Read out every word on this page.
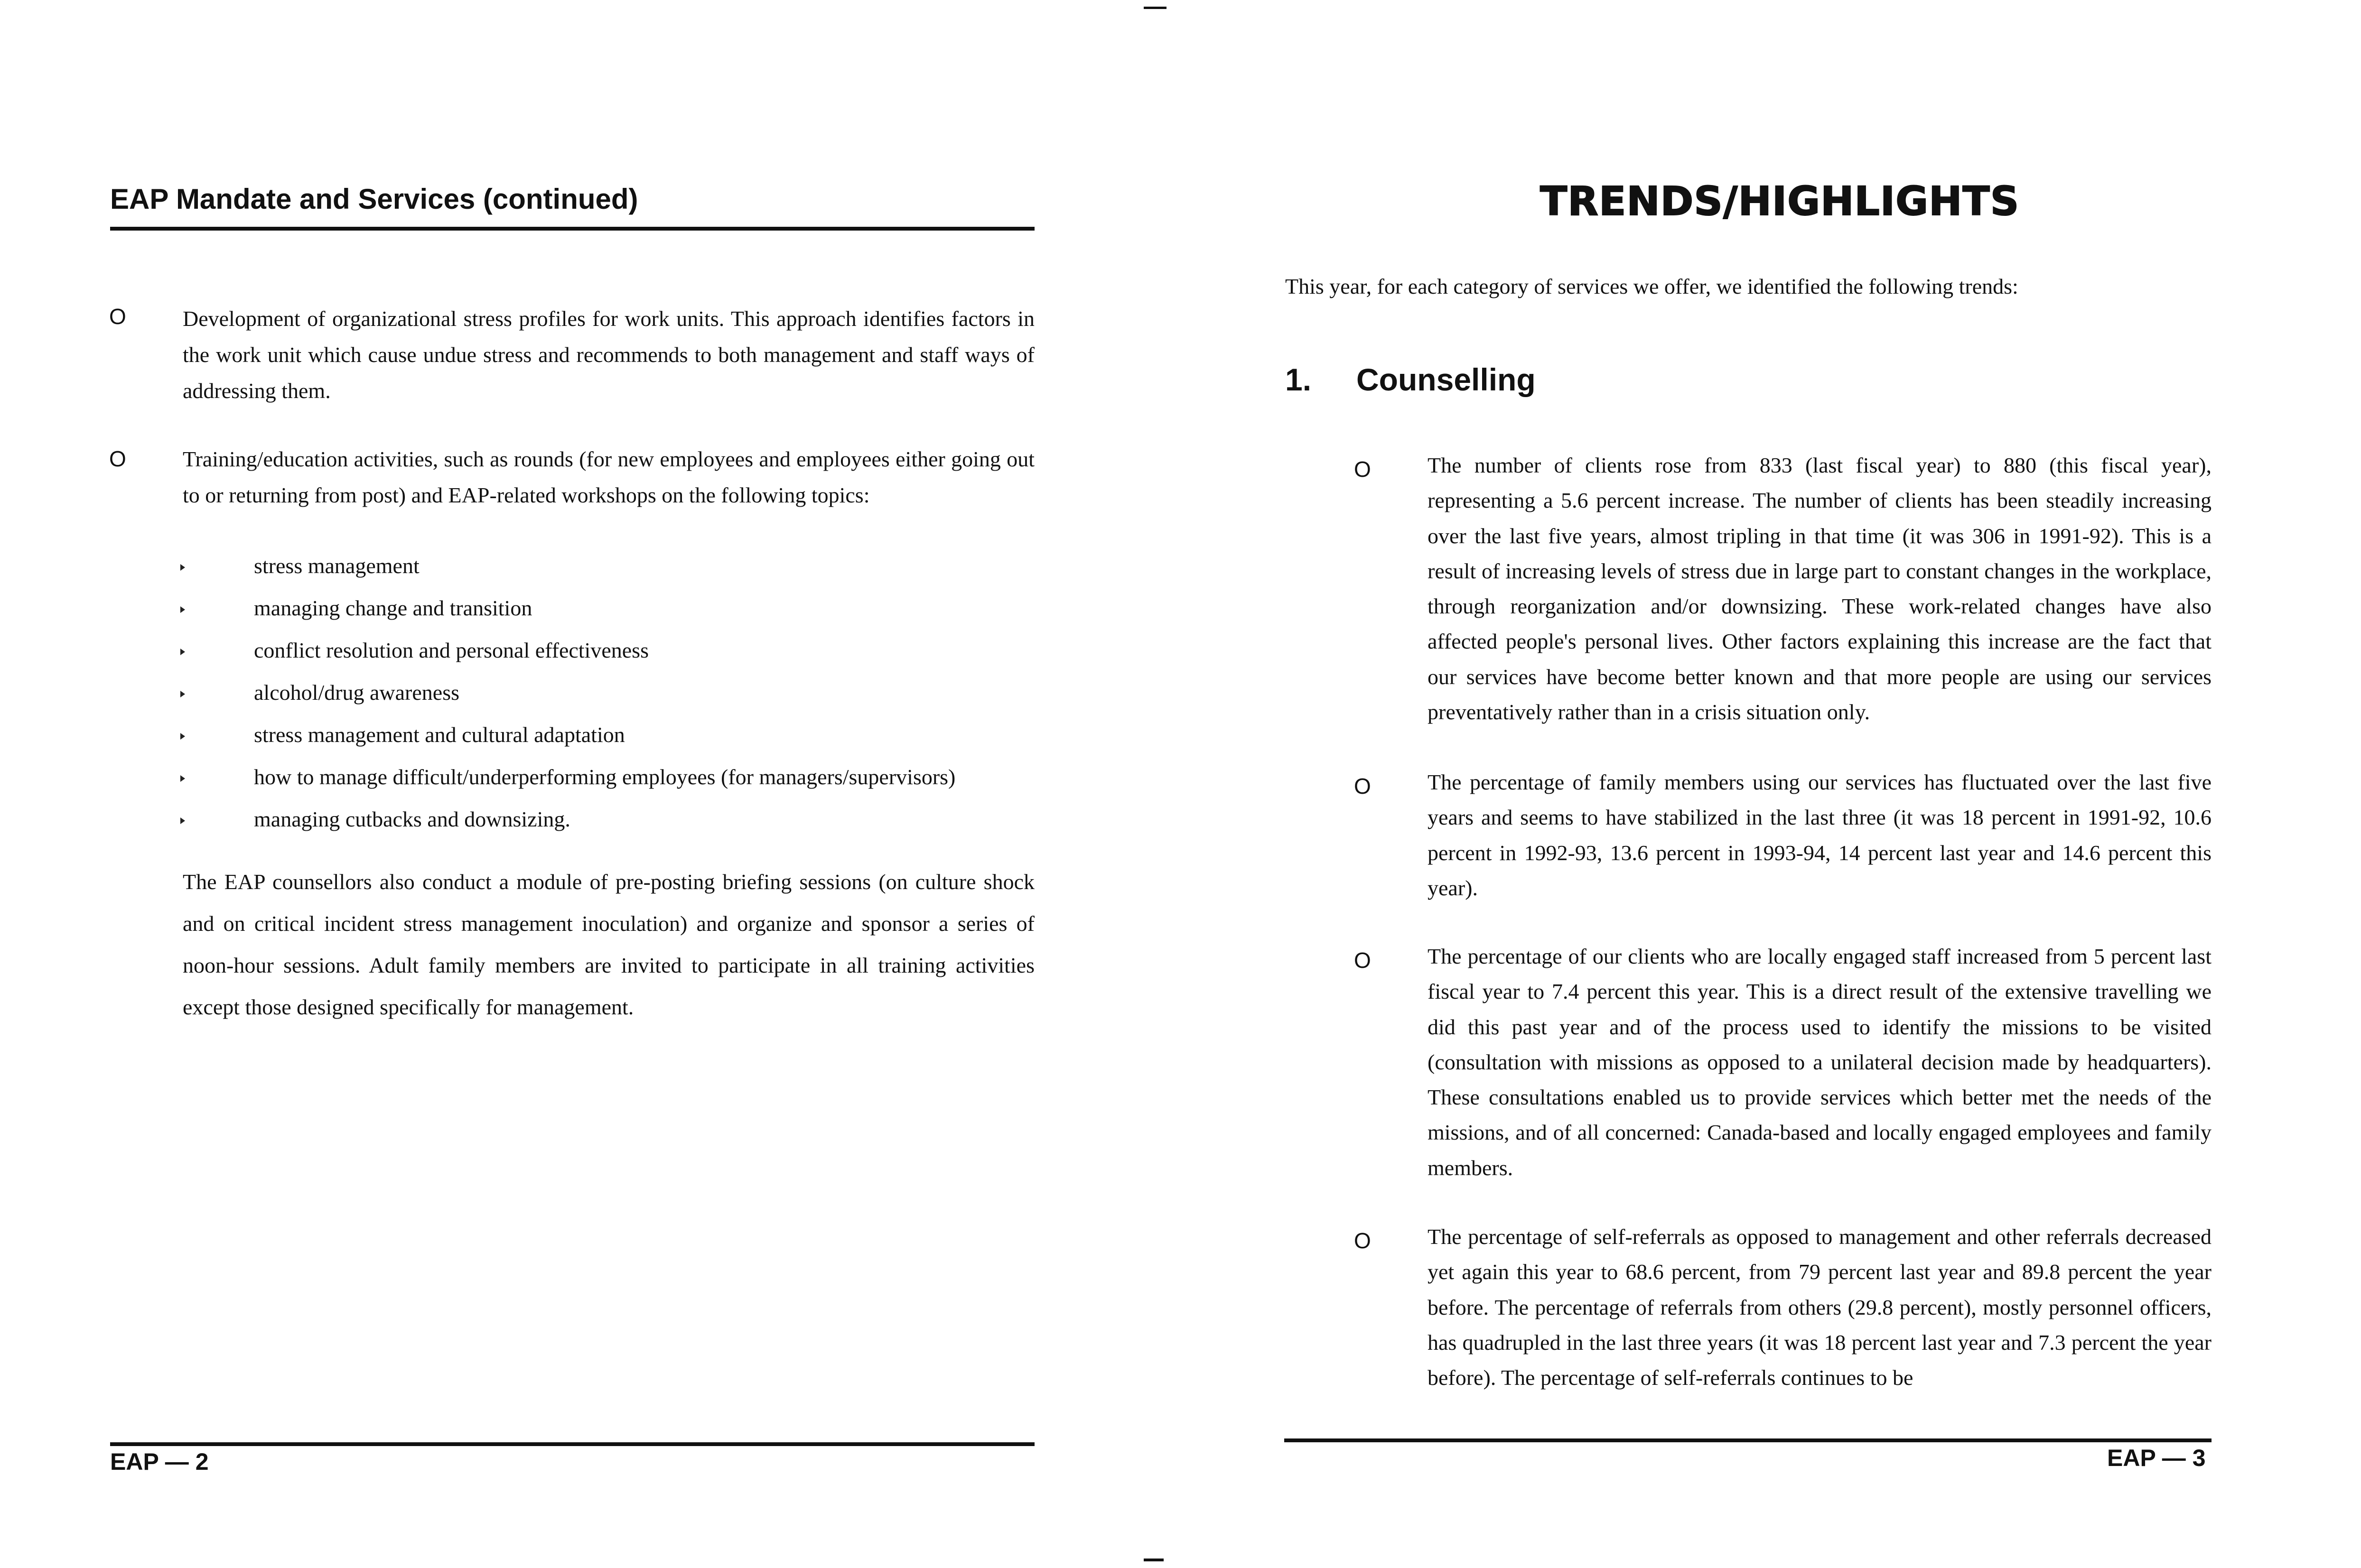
EAP Mandate and Services (continued)
O	Development of organizational stress profiles for work units. This approach identifies factors in the work unit which cause undue stress and recommends to both management and staff ways of addressing them.
O	Training/education activities, such as rounds (for new employees and employees either going out to or returning from post) and EAP-related workshops on the following topics:
stress management
managing change and transition
conflict resolution and personal effectiveness
alcohol/drug awareness
stress management and cultural adaptation
how to manage difficult/underperforming employees (for managers/supervisors)
managing cutbacks and downsizing.
The EAP counsellors also conduct a module of pre-posting briefing sessions (on culture shock and on critical incident stress management inoculation) and organize and sponsor a series of noon-hour sessions. Adult family members are invited to participate in all training activities except those designed specifically for management.
EAP — 2
TRENDS/HIGHLIGHTS
This year, for each category of services we offer, we identified the following trends:
1. Counselling
O	The number of clients rose from 833 (last fiscal year) to 880 (this fiscal year), representing a 5.6 percent increase. The number of clients has been steadily increasing over the last five years, almost tripling in that time (it was 306 in 1991-92). This is a result of increasing levels of stress due in large part to constant changes in the workplace, through reorganization and/or downsizing. These work-related changes have also affected people's personal lives. Other factors explaining this increase are the fact that our services have become better known and that more people are using our services preventatively rather than in a crisis situation only.
O	The percentage of family members using our services has fluctuated over the last five years and seems to have stabilized in the last three (it was 18 percent in 1991-92, 10.6 percent in 1992-93, 13.6 percent in 1993-94, 14 percent last year and 14.6 percent this year).
O	The percentage of our clients who are locally engaged staff increased from 5 percent last fiscal year to 7.4 percent this year. This is a direct result of the extensive travelling we did this past year and of the process used to identify the missions to be visited (consultation with missions as opposed to a unilateral decision made by headquarters). These consultations enabled us to provide services which better met the needs of the missions, and of all concerned: Canada-based and locally engaged employees and family members.
O	The percentage of self-referrals as opposed to management and other referrals decreased yet again this year to 68.6 percent, from 79 percent last year and 89.8 percent the year before. The percentage of referrals from others (29.8 percent), mostly personnel officers, has quadrupled in the last three years (it was 18 percent last year and 7.3 percent the year before). The percentage of self-referrals continues to be
EAP — 3
